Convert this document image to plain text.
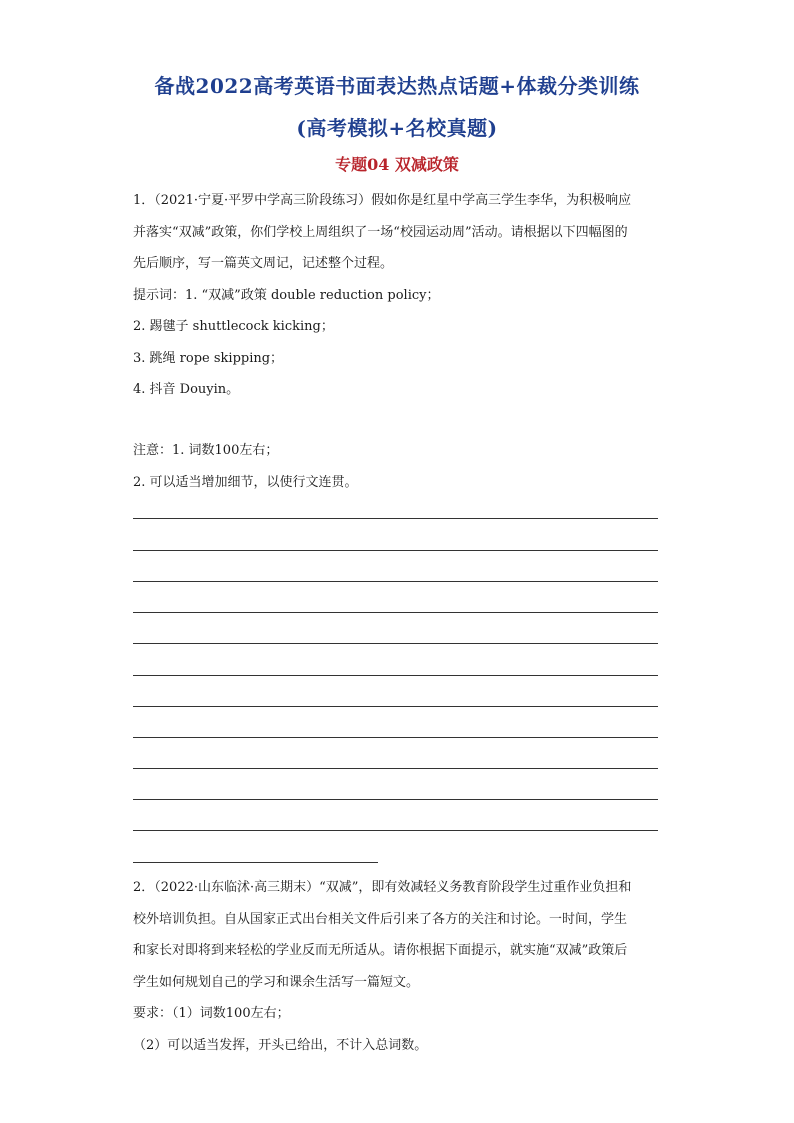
备战2022高考英语书面表达热点话题+体裁分类训练
(高考模拟+名校真题)
专题04 双减政策

1．（2021·宁夏·平罗中学高三阶段练习）假如你是红星中学高三学生李华，为积极响应

并落实“双减”政策，你们学校上周组织了一场“校园运动周”活动。请根据以下四幅图的

先后顺序，写一篇英文周记，记述整个过程。

提示词：1. “双减”政策 double reduction policy；

2. 踢毽子 shuttlecock kicking；

3. 跳绳 rope skipping；

4. 抖音 Douyin。

注意：1. 词数100左右；

2. 可以适当增加细节，以使行文连贯。

2．（2022·山东临沭·高三期末）“双减”，即有效减轻义务教育阶段学生过重作业负担和

校外培训负担。自从国家正式出台相关文件后引来了各方的关注和讨论。一时间，学生

和家长对即将到来轻松的学业反而无所适从。请你根据下面提示，就实施“双减”政策后

学生如何规划自己的学习和课余生活写一篇短文。

要求：（1）词数100左右；

（2）可以适当发挥，开头已给出，不计入总词数。
